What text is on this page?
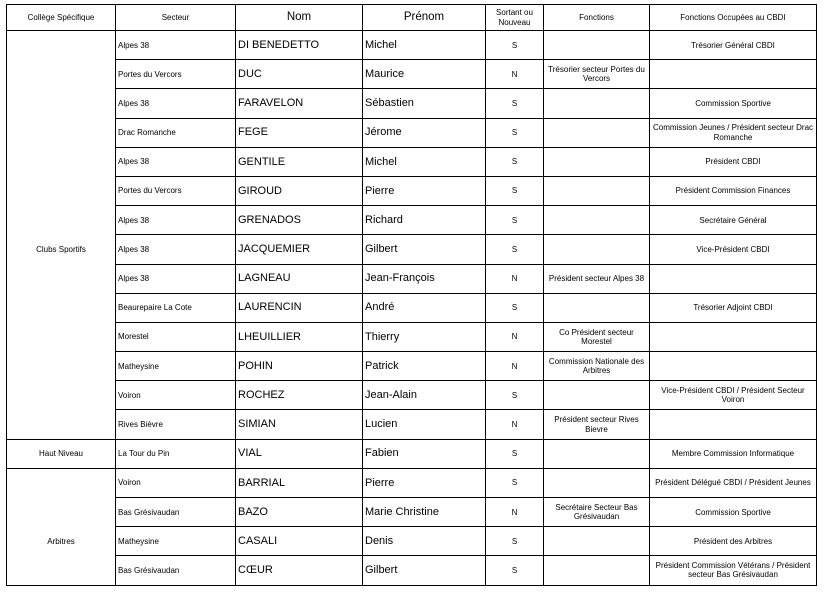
Collège Spécifique	Secteur	Nom	Prénom	Sortant ou Nouveau	Fonctions	Fonctions Occupées au CBDI
	Alpes 38	DI BENEDETTO	Michel	S		Trésorier Général CBDI
	Portes du Vercors	DUC	Maurice	N	Trésorier secteur Portes du Vercors	
	Alpes 38	FARAVELON	Sébastien	S		Commission Sportive
	Drac Romanche	FEGE	Jérome	S		Commission Jeunes / Président secteur Drac Romanche
	Alpes 38	GENTILE	Michel	S		Président CBDI
	Portes du Vercors	GIROUD	Pierre	S		Président Commission Finances
	Alpes 38	GRENADOS	Richard	S		Secrétaire Général
Clubs Sportifs	Alpes 38	JACQUEMIER	Gilbert	S		Vice-Président CBDI
	Alpes 38	LAGNEAU	Jean-François	N	Président secteur Alpes 38	
	Beaurepaire La Cote	LAURENCIN	André	S		Trésorier Adjoint CBDI
	Morestel	LHEUILLIER	Thierry	N	Co Président secteur Morestel	
	Matheysine	POHIN	Patrick	N	Commission Nationale des Arbitres	
	Voiron	ROCHEZ	Jean-Alain	S		Vice-Président CBDI / Président Secteur Voiron
	Rives Bièvre	SIMIAN	Lucien	N	Président secteur Rives Bievre	
Haut Niveau	La Tour du Pin	VIAL	Fabien	S		Membre Commission Informatique
	Voiron	BARRIAL	Pierre	S		Président Délégué CBDI / Président Jeunes
	Bas Grésivaudan	BAZO	Marie Christine	N	Secrétaire Secteur Bas Grésivaudan	Commission Sportive
Arbitres	Matheysine	CASALI	Denis	S		Président des Arbitres
	Bas Grésivaudan	CŒUR	Gilbert	S		Président Commission Vétérans / Président secteur Bas Grésivaudan
